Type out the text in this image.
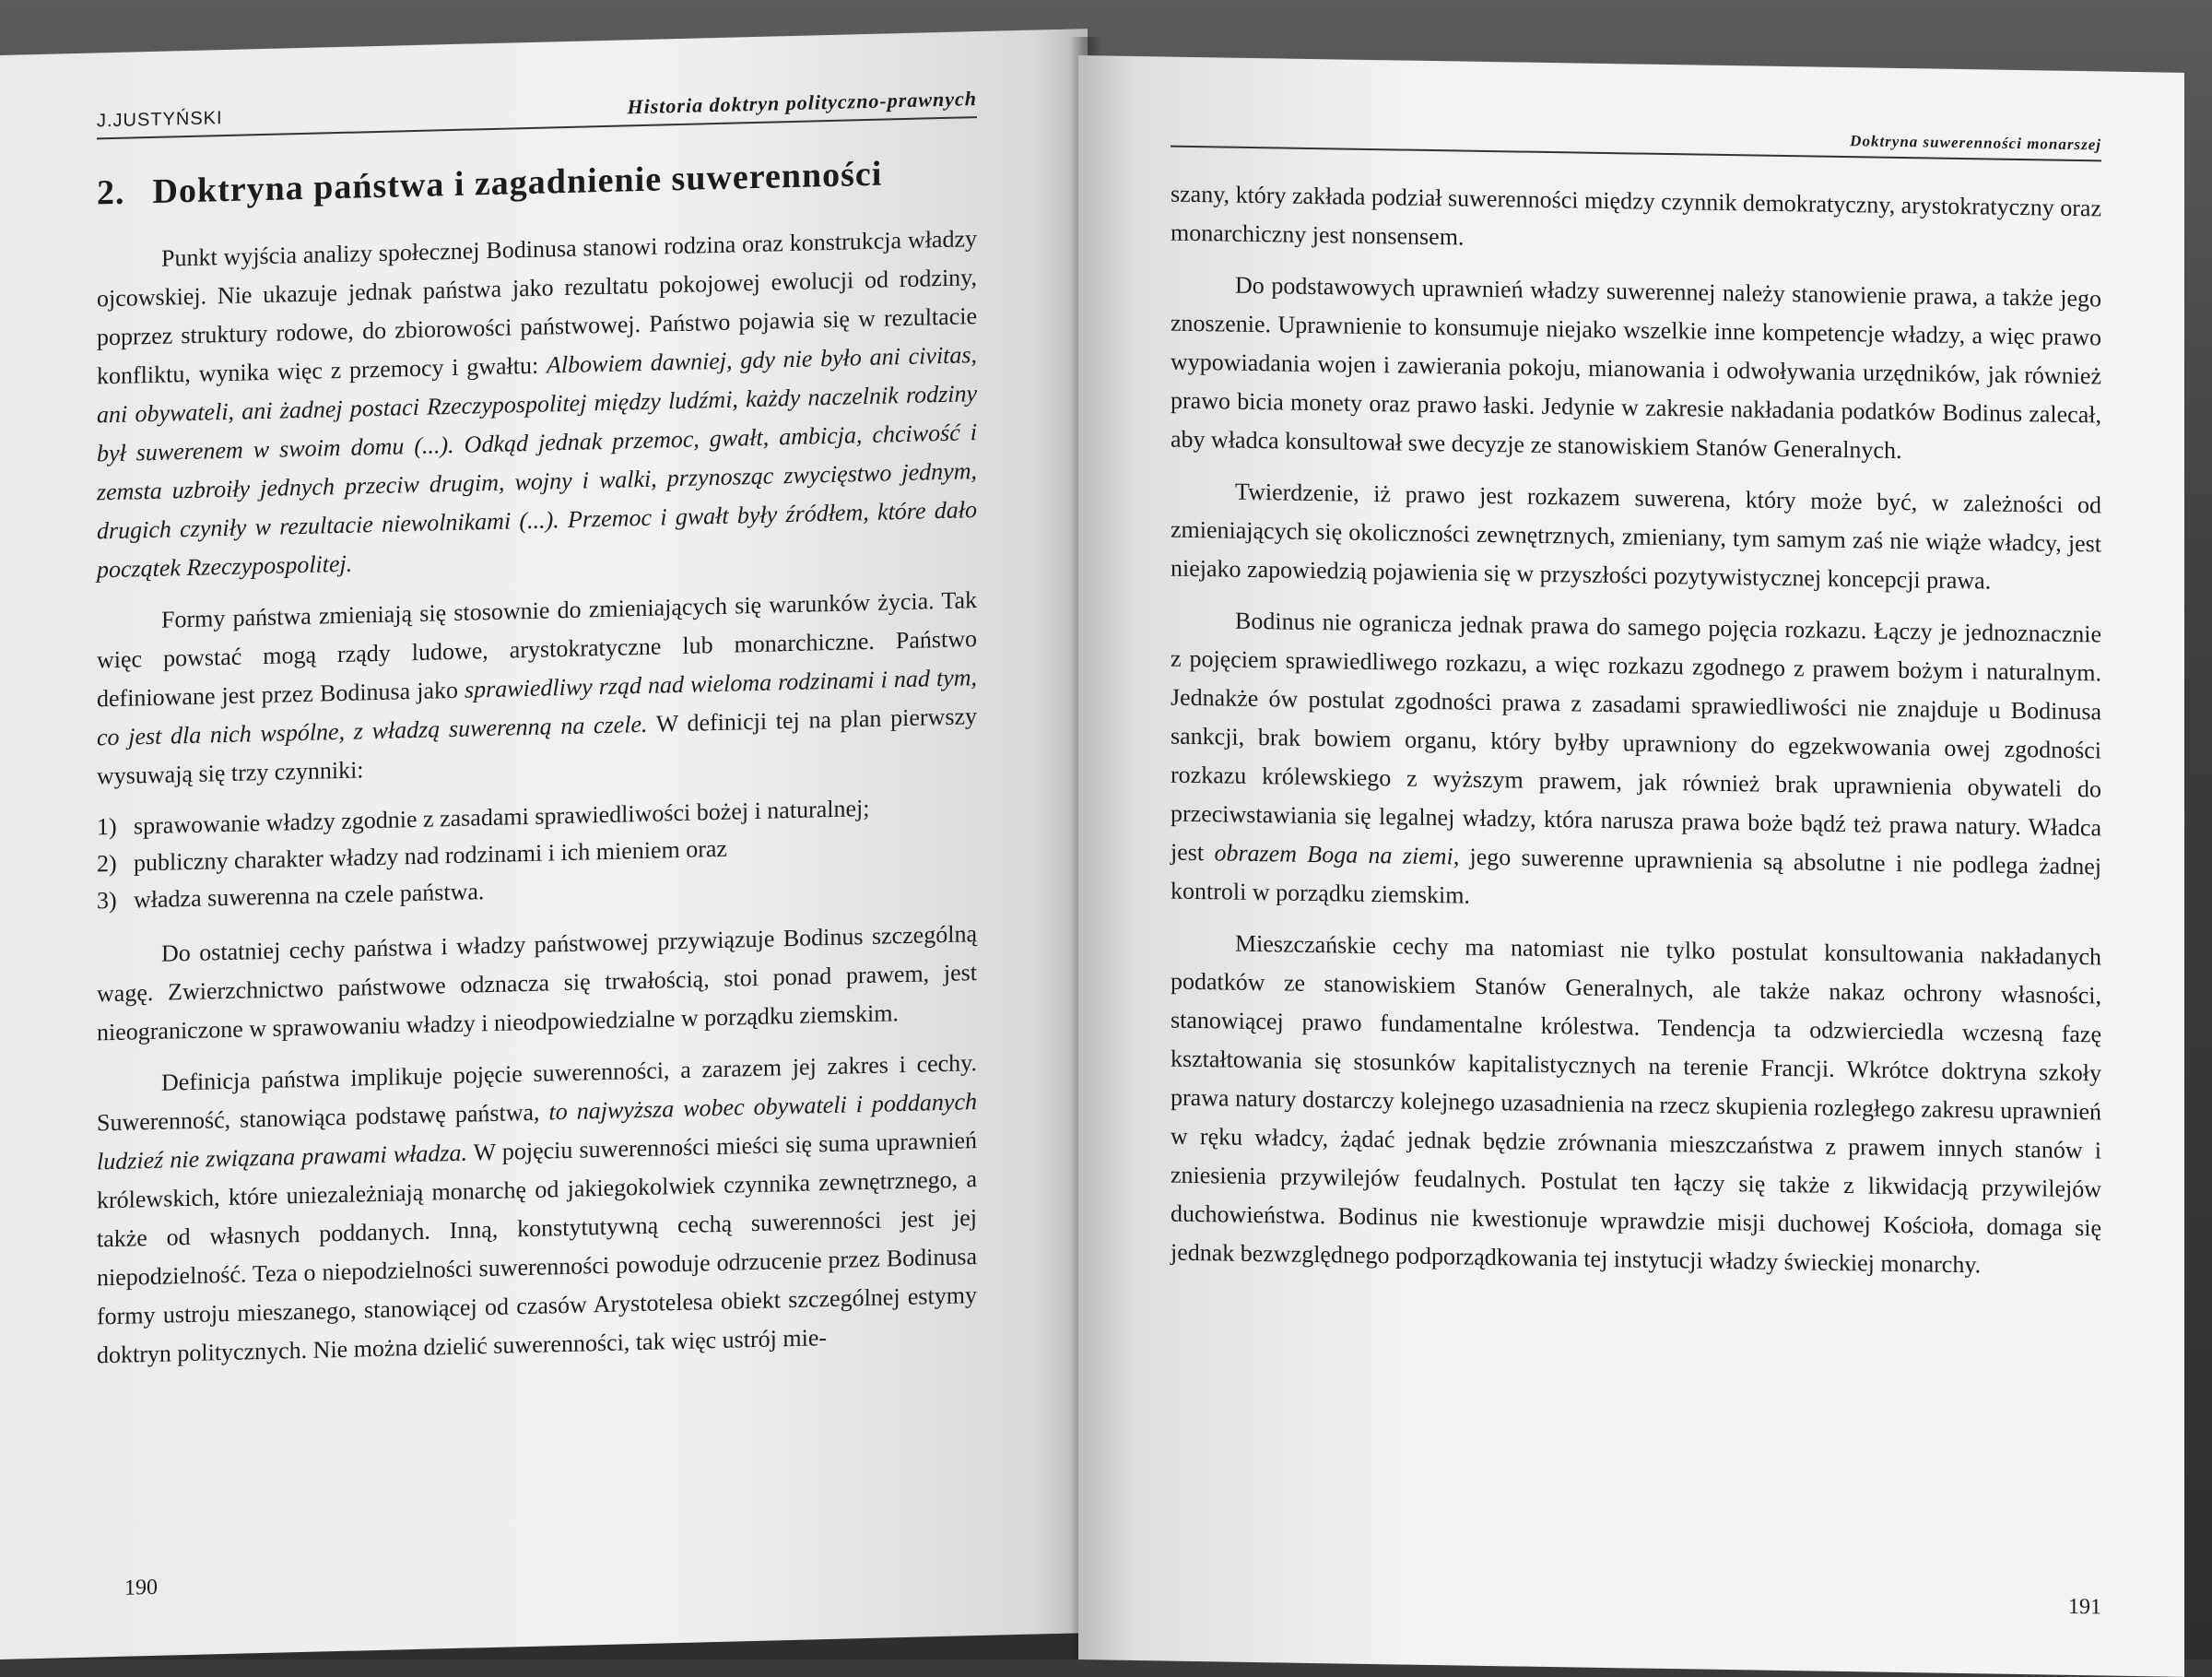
J.JUSTYŃSKI
Historia doktryn polityczno-prawnych
2. Doktryna państwa i zagadnienie suwerenności

Punkt wyjścia analizy społecznej Bodinusa stanowi rodzina oraz konstrukcja władzy ojcowskiej. Nie ukazuje jednak państwa jako rezultatu pokojowej ewolucji od rodziny, poprzez struktury rodowe, do zbiorowości państwowej. Państwo pojawia się w rezultacie konfliktu, wynika więc z przemocy i gwałtu: Albowiem dawniej, gdy nie było ani civitas, ani obywateli, ani żadnej postaci Rzeczypospolitej między ludźmi, każdy naczelnik rodziny był suwerenem w swoim domu (...). Odkąd jednak przemoc, gwałt, ambicja, chciwość i zemsta uzbroiły jednych przeciw drugim, wojny i walki, przynosząc zwycięstwo jednym, drugich czyniły w rezultacie niewolnikami (...). Przemoc i gwałt były źródłem, które dało początek Rzeczypospolitej.

Formy państwa zmieniają się stosownie do zmieniających się warunków życia. Tak więc powstać mogą rządy ludowe, arystokratyczne lub monarchiczne. Państwo definiowane jest przez Bodinusa jako sprawiedliwy rząd nad wieloma rodzinami i nad tym, co jest dla nich wspólne, z władzą suwerenną na czele. W definicji tej na plan pierwszy wysuwają się trzy czynniki:

1) sprawowanie władzy zgodnie z zasadami sprawiedliwości bożej i naturalnej;
2) publiczny charakter władzy nad rodzinami i ich mieniem oraz
3) władza suwerenna na czele państwa.

Do ostatniej cechy państwa i władzy państwowej przywiązuje Bodinus szczególną wagę. Zwierzchnictwo państwowe odznacza się trwałością, stoi ponad prawem, jest nieograniczone w sprawowaniu władzy i nieodpowiedzialne w porządku ziemskim.

Definicja państwa implikuje pojęcie suwerenności, a zarazem jej zakres i cechy. Suwerenność, stanowiąca podstawę państwa, to najwyższa wobec obywateli i poddanych ludzieź nie związana prawami władza. W pojęciu suwerenności mieści się suma uprawnień królewskich, które uniezależniają monarchę od jakiegokolwiek czynnika zewnętrznego, a także od własnych poddanych. Inną, konstytutywną cechą suwerenności jest jej niepodzielność. Teza o niepodzielności suwerenności powoduje odrzucenie przez Bodinusa formy ustroju mieszanego, stanowiącej od czasów Arystotelesa obiekt szczególnej estymy doktryn politycznych. Nie można dzielić suwerenności, tak więc ustrój mie-

190
Doktryna suwerenności monarszej

szany, który zakłada podział suwerenności między czynnik demokratyczny, arystokratyczny oraz monarchiczny jest nonsensem.

Do podstawowych uprawnień władzy suwerennej należy stanowienie prawa, a także jego znoszenie. Uprawnienie to konsumuje niejako wszelkie inne kompetencje władzy, a więc prawo wypowiadania wojen i zawierania pokoju, mianowania i odwoływania urzędników, jak również prawo bicia monety oraz prawo łaski. Jedynie w zakresie nakładania podatków Bodinus zalecał, aby władca konsultował swe decyzje ze stanowiskiem Stanów Generalnych.

Twierdzenie, iż prawo jest rozkazem suwerena, który może być, w zależności od zmieniających się okoliczności zewnętrznych, zmieniany, tym samym zaś nie wiąże władcy, jest niejako zapowiedzią pojawienia się w przyszłości pozytywistycznej koncepcji prawa.

Bodinus nie ogranicza jednak prawa do samego pojęcia rozkazu. Łączy je jednoznacznie z pojęciem sprawiedliwego rozkazu, a więc rozkazu zgodnego z prawem bożym i naturalnym. Jednakże ów postulat zgodności prawa z zasadami sprawiedliwości nie znajduje u Bodinusa sankcji, brak bowiem organu, który byłby uprawniony do egzekwowania owej zgodności rozkazu królewskiego z wyższym prawem, jak również brak uprawnienia obywateli do przeciwstawiania się legalnej władzy, która narusza prawa boże bądź też prawa natury. Władca jest obrazem Boga na ziemi, jego suwerenne uprawnienia są absolutne i nie podlega żadnej kontroli w porządku ziemskim.

Mieszczańskie cechy ma natomiast nie tylko postulat konsultowania nakładanych podatków ze stanowiskiem Stanów Generalnych, ale także nakaz ochrony własności, stanowiącej prawo fundamentalne królestwa. Tendencja ta odzwierciedla wczesną fazę kształtowania się stosunków kapitalistycznych na terenie Francji. Wkrótce doktryna szkoły prawa natury dostarczy kolejnego uzasadnienia na rzecz skupienia rozległego zakresu uprawnień w ręku władcy, żądać jednak będzie zrównania mieszczaństwa z prawem innych stanów i zniesienia przywilejów feudalnych. Postulat ten łączy się także z likwidacją przywilejów duchowieństwa. Bodinus nie kwestionuje wprawdzie misji duchowej Kościoła, domaga się jednak bezwzględnego podporządkowania tej instytucji władzy świeckiej monarchy.

191
